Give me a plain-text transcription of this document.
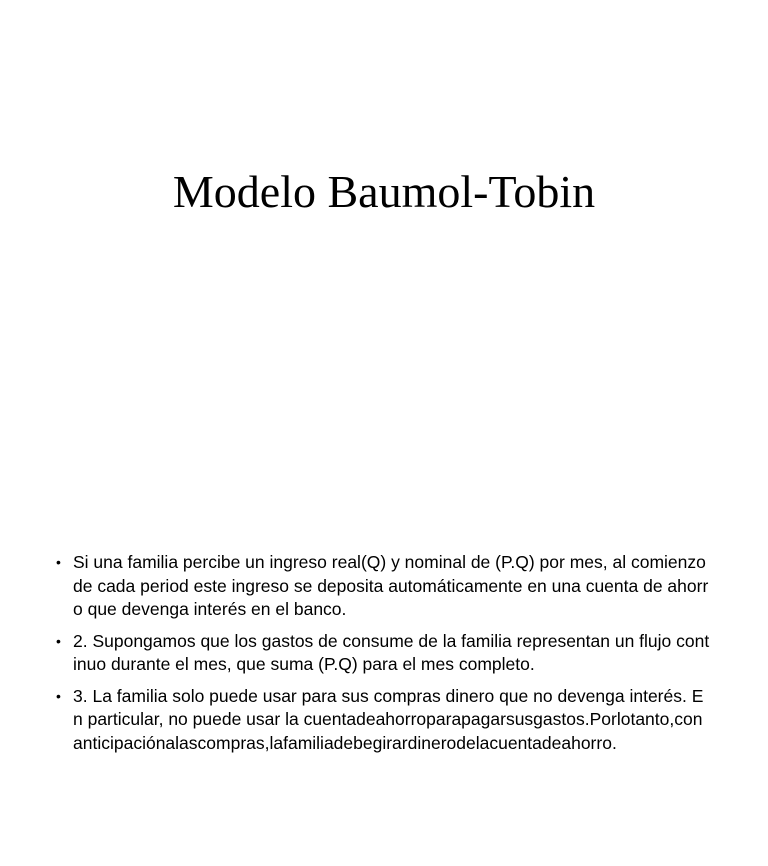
Modelo Baumol-Tobin
• Si una familia percibe un ingreso real(Q) y nominal de (P.Q) por mes, al comienzo de cada period este ingreso se deposita automáticamente en una cuenta de ahorro que devenga interés en el banco.
• 2. Supongamos que los gastos de consume de la familia representan un flujo continuo durante el mes, que suma (P.Q) para el mes completo.
• 3. La familia solo puede usar para sus compras dinero que no devenga interés. En particular, no puede usar la cuentadeahorroparapagarsusgastos.Porlotanto,conanticipaciónalascompras,lafamiliadebegirardinerodelacuentadeahorro.
